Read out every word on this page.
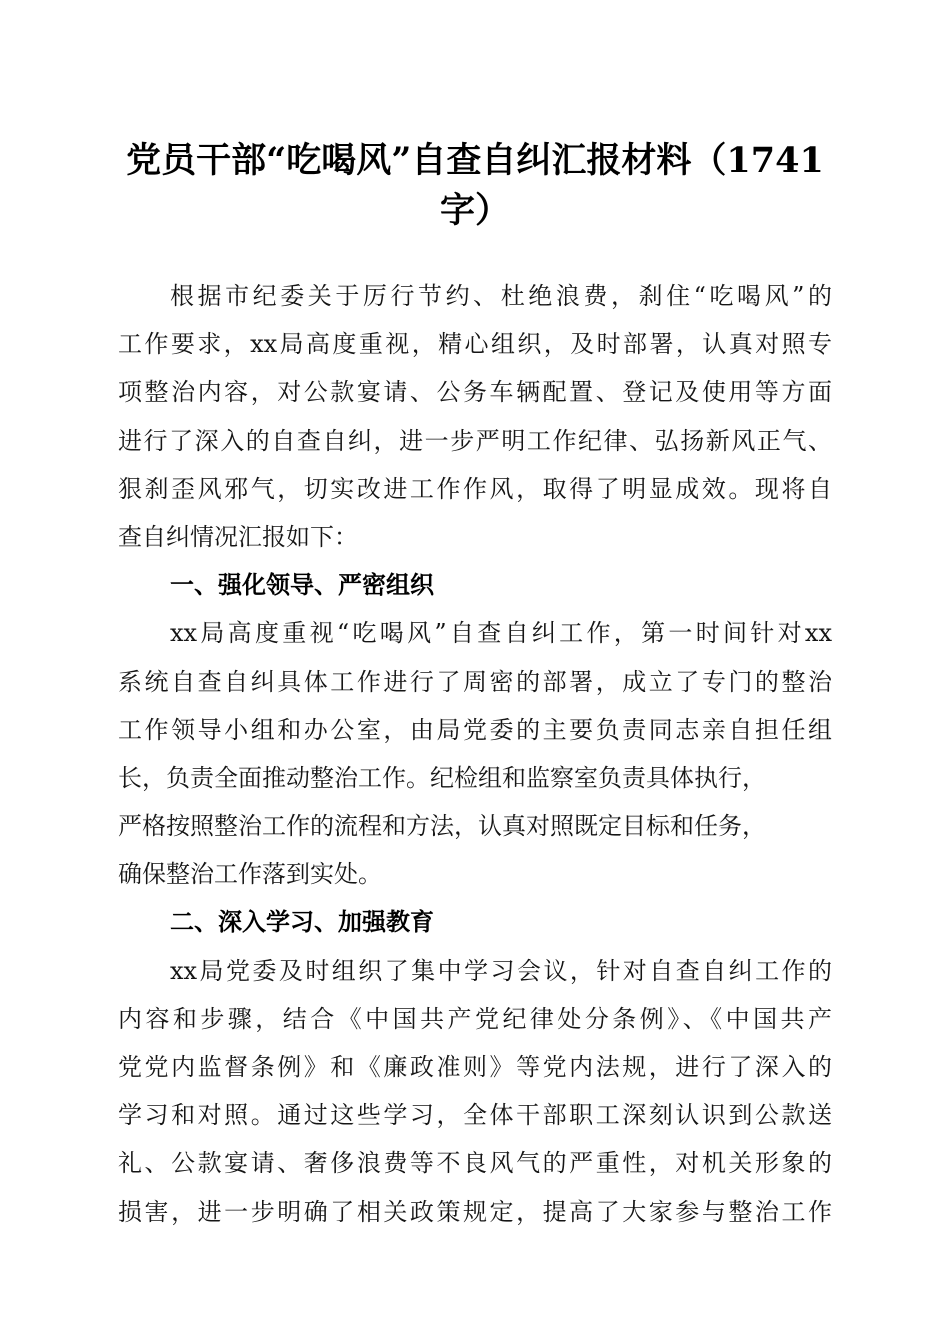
党员干部“吃喝风”自查自纠汇报材料（1741
字）
根据市纪委关于厉行节约、杜绝浪费，刹住“吃喝风”的
工作要求，xx局高度重视，精心组织，及时部署，认真对照专
项整治内容，对公款宴请、公务车辆配置、登记及使用等方面
进行了深入的自查自纠，进一步严明工作纪律、弘扬新风正气、
狠刹歪风邪气，切实改进工作作风，取得了明显成效。现将自
查自纠情况汇报如下：
一、强化领导、严密组织
xx局高度重视“吃喝风”自查自纠工作，第一时间针对xx
系统自查自纠具体工作进行了周密的部署，成立了专门的整治
工作领导小组和办公室，由局党委的主要负责同志亲自担任组
长，负责全面推动整治工作。纪检组和监察室负责具体执行，
严格按照整治工作的流程和方法，认真对照既定目标和任务，
确保整治工作落到实处。
二、深入学习、加强教育
xx局党委及时组织了集中学习会议，针对自查自纠工作的
内容和步骤，结合《中国共产党纪律处分条例》、《中国共产
党党内监督条例》和《廉政准则》等党内法规，进行了深入的
学习和对照。通过这些学习，全体干部职工深刻认识到公款送
礼、公款宴请、奢侈浪费等不良风气的严重性，对机关形象的
损害，进一步明确了相关政策规定，提高了大家参与整治工作
